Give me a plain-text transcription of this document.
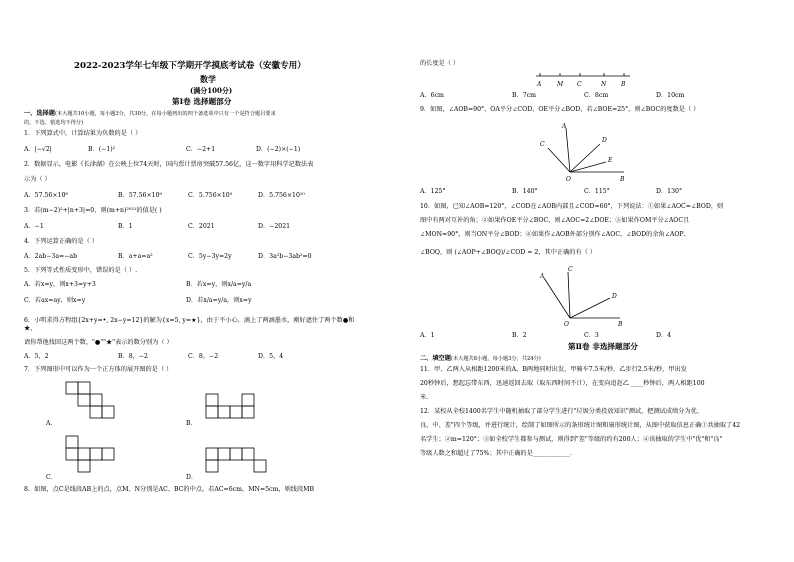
2022-2023学年七年级下学期开学摸底考试卷（安徽专用）
数学
(满分100分)
第Ⅰ卷 选择题部分
一、选择题(本大题共10小题，每小题3分，共30分。在每小题列出的四个备选项中只有一个是符合题目要求
的，不选、错选均不得分)
1．下列算式中，计算结果为负数的是（ ）
A．|−√2|	B．(−1)²	C．−2+1	D．(−2)×(−1)
2．数据显示，电影《长津湖》在公映上位74天时，国内票计票房突破57.56亿，这一数字用科学记数法表
示为（ ）
A．57.56×10⁸	B．57.56×10⁹	C．5.756×10⁹	D．5.756×10¹⁰
3．若(m−2)²+|n+3|=0，则(m+n)²⁰²¹的值是( )
A．−1	B．1	C．2021	D．−2021
4．下列运算正确的是（ ）
A．2ab−3a=−ab	B．a+a=a²	C．5y−3y=2y	D．3a²b−3ab²=0
5．下列等式性质变形中，错误的是（ ）.
A．若x=y，则x+3=y+3	B．若x=y，则x/a=y/a
C．若ax=ay，则x=y	D．若x/a=y/a，则x=y
6．小明求得方程组{2x+y=•, 2x−y=12}的解为{x=5, y=★}，由于不小心，滴上了两滴墨水，刚好遮住了两个数●和★，
请你帮他找回这两个数，"●""★"表示的数分别为（ ）
A．5，2	B．8，−2	C．8，−2	D．5，4
7．下列图形中可以作为一个正方体的展开图的是（ ）
A．	B．
C．	D．
8．如图，点C是线段AB上的点，点M、N分别是AC、BC的中点，若AC=6cm，MN=5cm，则线段MB
的长度是（ ）
A	M C	N B
A．6cm	B．7cm	C．8cm	D．10cm
9．如图，∠AOB=90°，OA平分∠COD，OE平分∠BOD，若∠BOE=25°，则∠BOC的度数是（ ）
A
C
D
E
O	B
A．125°	B．140°	C．115°	D．130°
10．如图，已知∠AOB=120°，∠COD在∠AOB内部且∠COD=60°，下列说法：①如果∠AOC=∠BOD，则
图中有两对互补的角；②如果作OE平分∠BOC，则∠AOC=2∠DOE；③如果作OM平分∠AOC且
∠MON=90°，则当ON平分∠BOD；④如果作∠AOB外部分别作∠AOC、∠BOD的余角∠AOP、
∠BOQ，则 (∠AOP+∠BOQ)/∠COD = 2，其中正确的有（ ）
A
C
D
O	B
A．1	B．2	C．3	D．4
第Ⅱ卷 非选择题部分
二、填空题(本大题共8小题，每小题3分，共24分)
11．甲、乙两人从相距1200米的A、B两地同时出发，甲骑车7.5米/秒，乙步行2.5米/秒，甲出发
20秒钟后，想起忘带东西，迅速返回去取（取东西时间不计），在变向追赶乙 ____秒钟后，两人相距100
米.
12．某校从全校1400名学生中随机抽取了部分学生进行"垃圾分类投放知识"测试，把测试成绩分为优、
良、中、差"四个等级，并进行统计，绘制了如图所示的条形统计图和扇形统计图，从图中获取信息正确①共抽取了42
名学生；②m=120°；③如全校学生都参与测试，则得到"差"等级的约有200人；④该抽取的学生中"优"和"良"
等级人数之和超过了75%；其中正确的是____________.
